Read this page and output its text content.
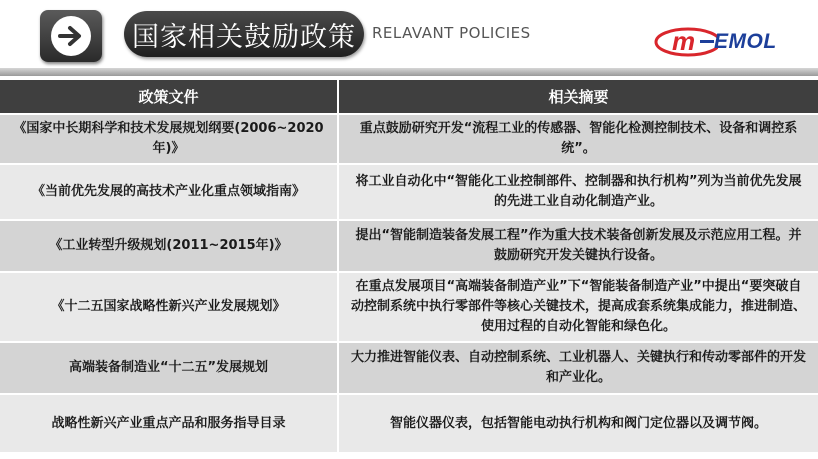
国家相关鼓励政策	RELAVANT POLICIES	m EMOL
政策文件	相关摘要
《国家中长期科学和技术发展规划纲要(2006~2020年)》	重点鼓励研究开发“流程工业的传感器、智能化检测控制技术、设备和调控系统”。
《当前优先发展的高技术产业化重点领域指南》	将工业自动化中“智能化工业控制部件、控制器和执行机构”列为当前优先发展的先进工业自动化制造产业。
《工业转型升级规划(2011~2015年)》	提出“智能制造装备发展工程”作为重大技术装备创新发展及示范应用工程。并鼓励研究开发关键执行设备。
《十二五国家战略性新兴产业发展规划》	在重点发展项目“高端装备制造产业”下“智能装备制造产业”中提出“要突破自动控制系统中执行零部件等核心关键技术，提高成套系统集成能力，推进制造、使用过程的自动化智能和绿色化。
高端装备制造业“十二五”发展规划	大力推进智能仪表、自动控制系统、工业机器人、关键执行和传动零部件的开发和产业化。
战略性新兴产业重点产品和服务指导目录	智能仪器仪表，包括智能电动执行机构和阀门定位器以及调节阀。
